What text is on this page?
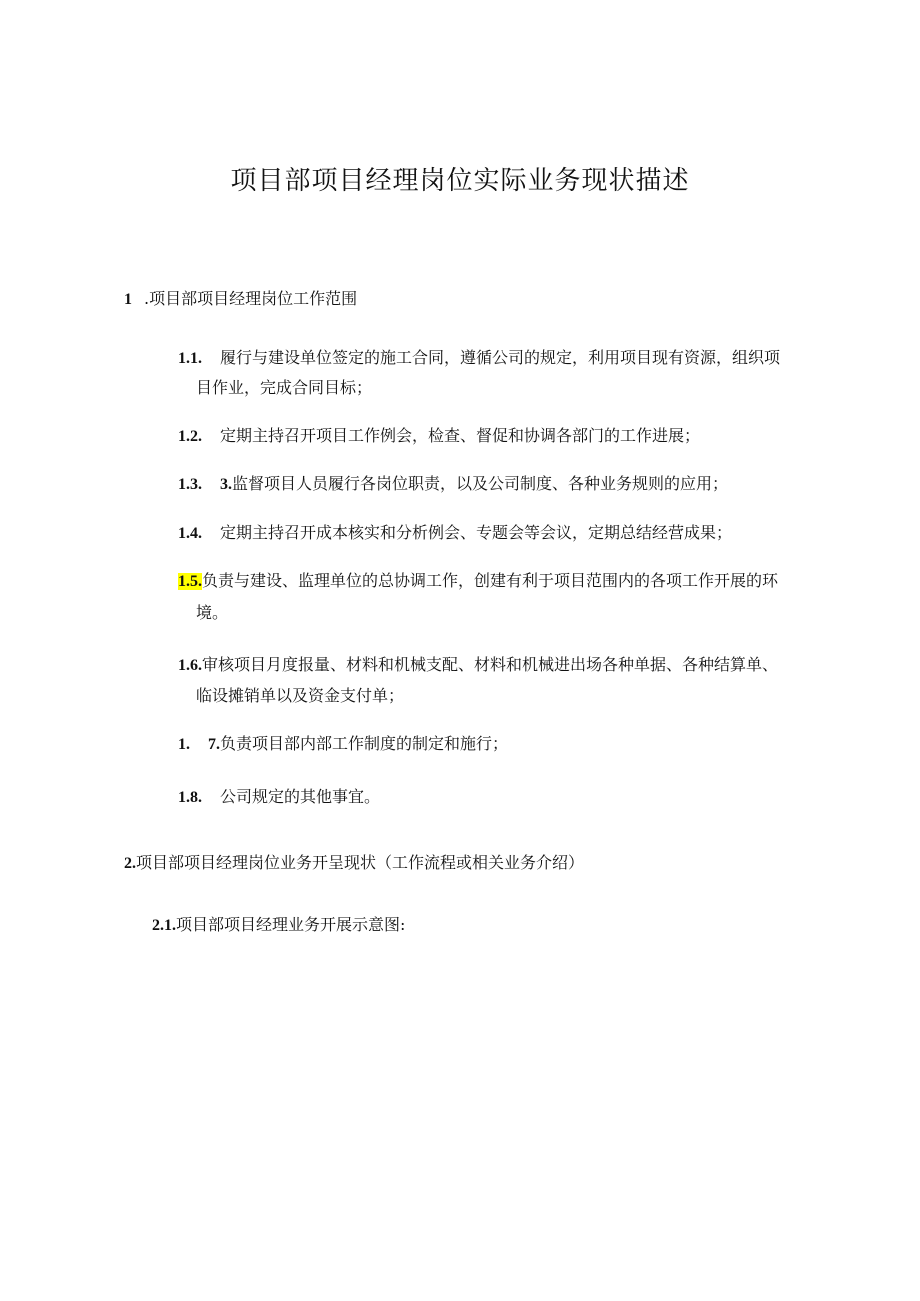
项目部项目经理岗位实际业务现状描述
1 .项目部项目经理岗位工作范围
1.1. 履行与建设单位签定的施工合同，遵循公司的规定，利用项目现有资源，组织项
目作业，完成合同目标；
1.2. 定期主持召开项目工作例会，检查、督促和协调各部门的工作进展；
1.3. 3.监督项目人员履行各岗位职责，以及公司制度、各种业务规则的应用；
1.4. 定期主持召开成本核实和分析例会、专题会等会议，定期总结经营成果；
1.5.负责与建设、监理单位的总协调工作，创建有利于项目范围内的各项工作开展的环
境。
1.6.审核项目月度报量、材料和机械支配、材料和机械进出场各种单据、各种结算单、
临设摊销单以及资金支付单；
1. 7.负责项目部内部工作制度的制定和施行；
1.8. 公司规定的其他事宜。
2.项目部项目经理岗位业务开呈现状（工作流程或相关业务介绍）
2.1.项目部项目经理业务开展示意图:
